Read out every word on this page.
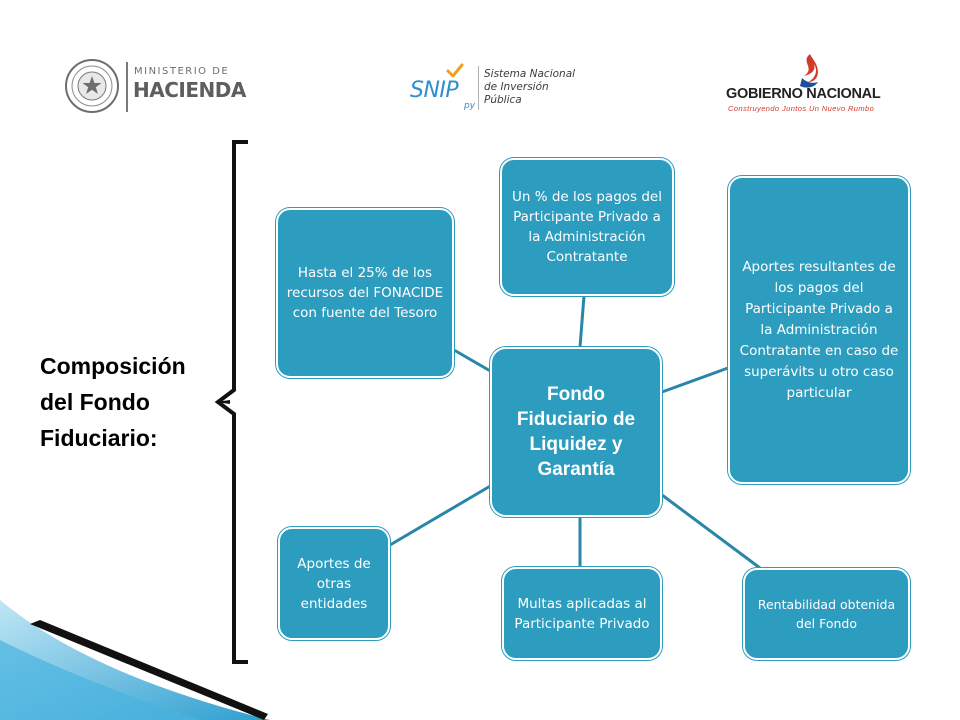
MINISTERIO DE
HACIENDA	SNIP
py
Sistema Nacional
de Inversión
Pública	GOBIERNO NACIONAL
Construyendo Juntos Un Nuevo Rumbo
Composición
del Fondo
Fiduciario:
Fondo Fiduciario de Liquidez y Garantía
Hasta el 25% de los recursos del FONACIDE con fuente del Tesoro
Un % de los pagos del Participante Privado a la Administración Contratante
Aportes resultantes de los pagos del Participante Privado a la Administración Contratante en caso de superávits u otro caso particular
Aportes de otras entidades	Multas aplicadas al Participante Privado
Rentabilidad obtenida del Fondo
